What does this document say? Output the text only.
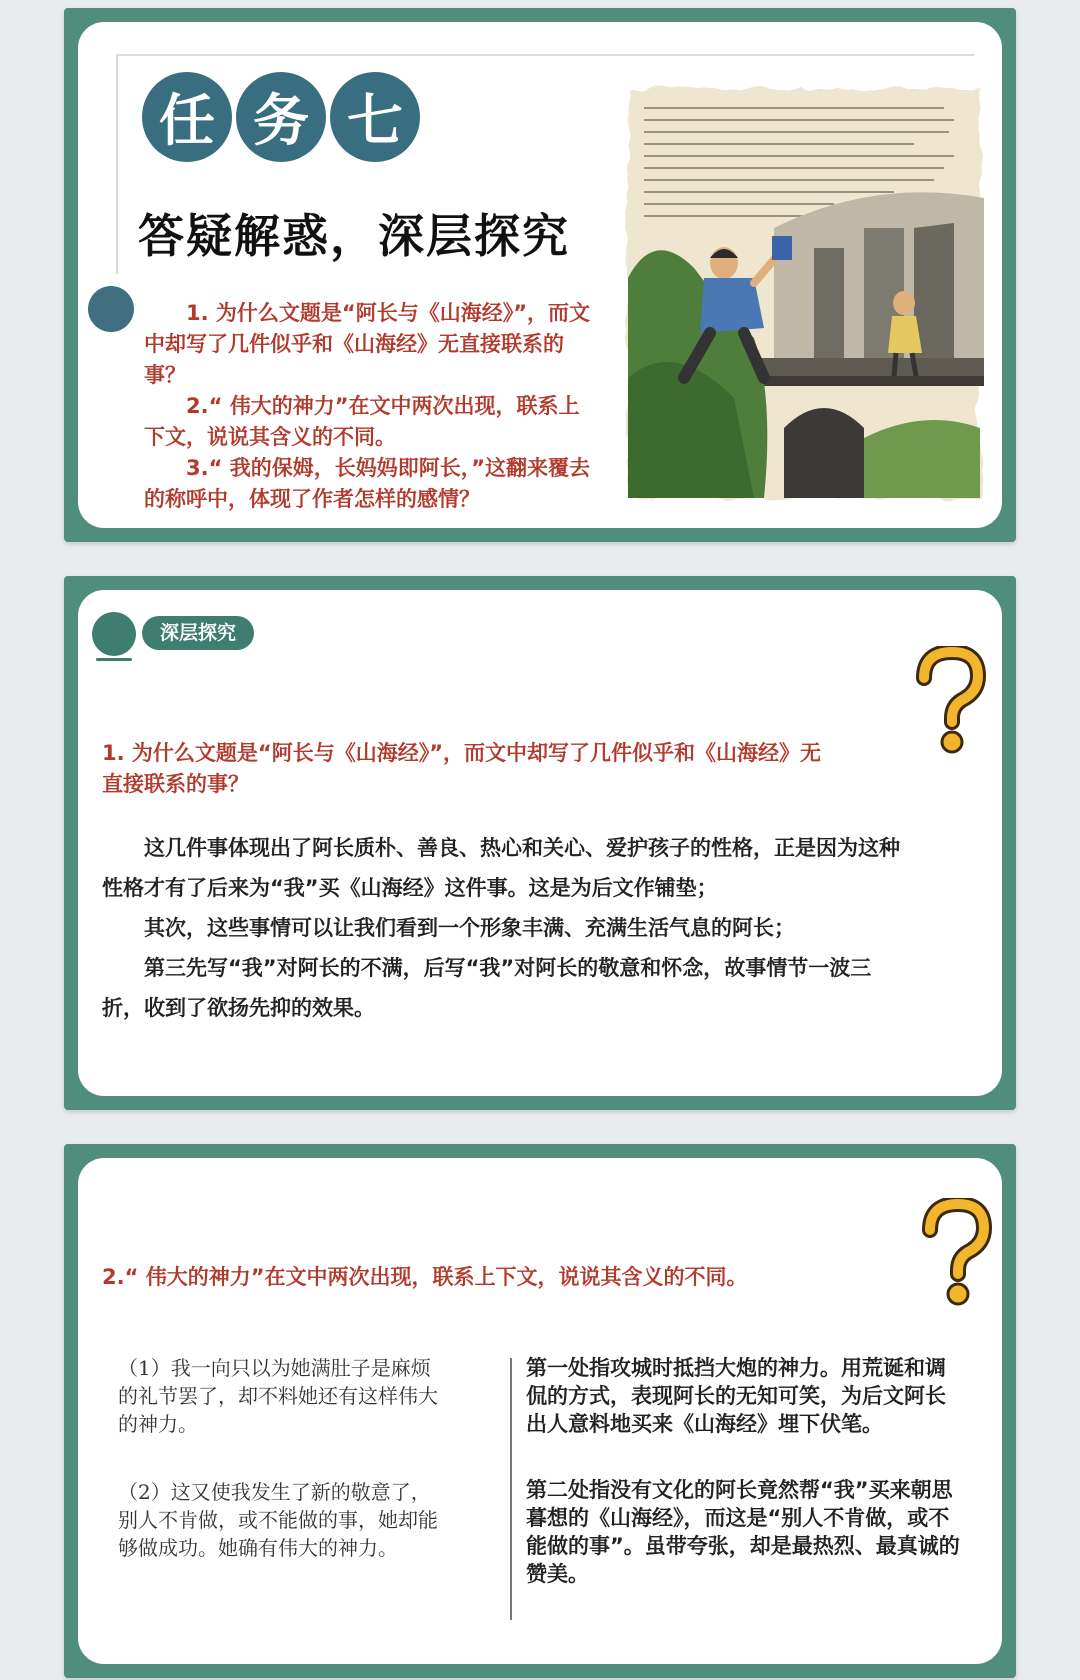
任 务 七
答疑解惑，深层探究

1. 为什么文题是“阿长与《山海经》”，而文中却写了几件似乎和《山海经》无直接联系的事？

2.“ 伟大的神力”在文中两次出现，联系上下文，说说其含义的不同。

3.“ 我的保姆，长妈妈即阿长，”这翻来覆去的称呼中，体现了作者怎样的感情？

深层探究
1. 为什么文题是“阿长与《山海经》”，而文中却写了几件似乎和《山海经》无直接联系的事？

　　这几件事体现出了阿长质朴、善良、热心和关心、爱护孩子的性格，正是因为这种性格才有了后来为“我”买《山海经》这件事。这是为后文作铺垫；

　　其次，这些事情可以让我们看到一个形象丰满、充满生活气息的阿长；

　　第三先写“我”对阿长的不满，后写“我”对阿长的敬意和怀念，故事情节一波三折，收到了欲扬先抑的效果。

2.“ 伟大的神力”在文中两次出现，联系上下文，说说其含义的不同。

（1）我一向只以为她满肚子是麻烦的礼节罢了，却不料她还有这样伟大的神力。

（2）这又使我发生了新的敬意了，别人不肯做，或不能做的事，她却能够做成功。她确有伟大的神力。

第一处指攻城时抵挡大炮的神力。用荒诞和调侃的方式，表现阿长的无知可笑，为后文阿长出人意料地买来《山海经》埋下伏笔。

第二处指没有文化的阿长竟然帮“我”买来朝思暮想的《山海经》，而这是“别人不肯做，或不能做的事”。虽带夸张，却是最热烈、最真诚的赞美。
